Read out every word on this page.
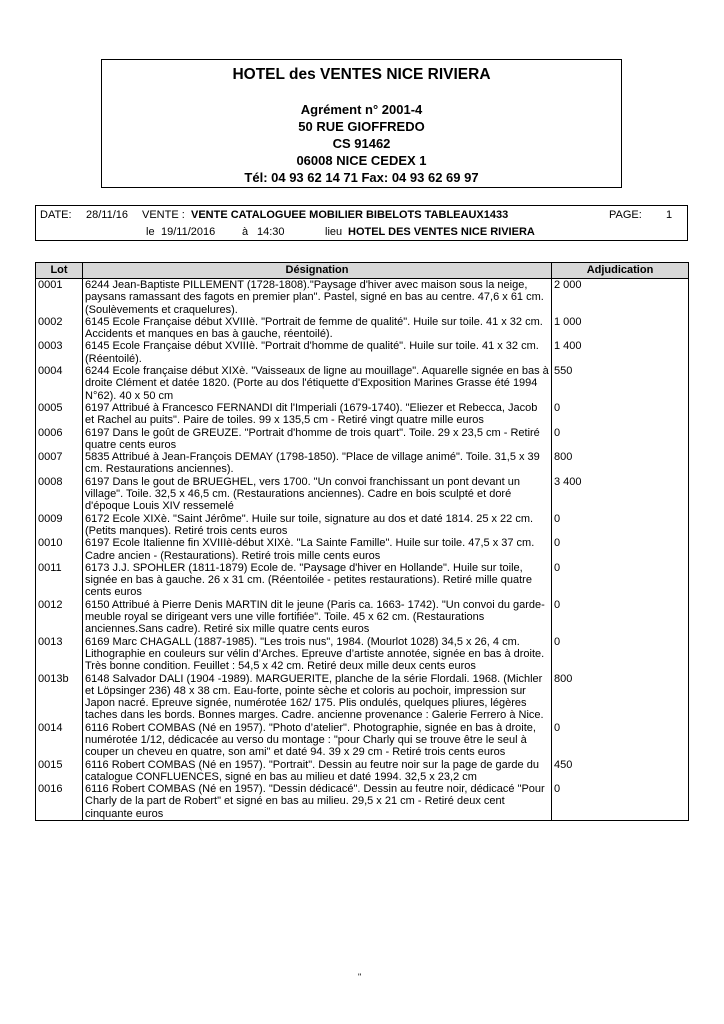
HOTEL des VENTES NICE RIVIERA
Agrément n° 2001-4
50 RUE GIOFFREDO
CS 91462
06008 NICE CEDEX 1
Tél: 04 93 62 14 71 Fax: 04 93 62 69 97
DATE: 28/11/16 VENTE : VENTE CATALOGUEE MOBILIER BIBELOTS TABLEAUX1433	PAGE: 1
le 19/11/2016 à 14:30	lieu HOTEL DES VENTES NICE RIVIERA
Lot	Désignation	Adjudication
0001	6244 Jean-Baptiste PILLEMENT (1728-1808)."Paysage d'hiver avec maison sous la neige, paysans ramassant des fagots en premier plan". Pastel, signé en bas au centre. 47,6 x 61 cm. (Soulèvements et craquelures).	2 000
0002	6145 Ecole Française début XVIIIè. "Portrait de femme de qualité". Huile sur toile. 41 x 32 cm. Accidents et manques en bas à gauche, réentoilé).	1 000
0003	6145 Ecole Française début XVIIIè. "Portrait d'homme de qualité". Huile sur toile. 41 x 32 cm. (Réentoilé).	1 400
0004	6244 Ecole française début XIXè. "Vaisseaux de ligne au mouillage". Aquarelle signée en bas à droite Clément et datée 1820. (Porte au dos l'étiquette d'Exposition Marines Grasse été 1994 N°62). 40 x 50 cm	550
0005	6197 Attribué à Francesco FERNANDI dit l'Imperiali (1679-1740). "Eliezer et Rebecca, Jacob et Rachel au puits". Paire de toiles. 99 x 135,5 cm - Retiré vingt quatre mille euros	0
0006	6197 Dans le goût de GREUZE. "Portrait d'homme de trois quart". Toile. 29 x 23,5 cm - Retiré quatre cents euros	0
0007	5835 Attribué à Jean-François DEMAY (1798-1850). "Place de village animé". Toile. 31,5 x 39 cm. Restaurations anciennes).	800
0008	6197 Dans le gout de BRUEGHEL, vers 1700. "Un convoi franchissant un pont devant un village". Toile. 32,5 x 46,5 cm. (Restaurations anciennes). Cadre en bois sculpté et doré d'époque Louis XIV ressemelé	3 400
0009	6172 Ecole XIXè. "Saint Jérôme". Huile sur toile, signature au dos et daté 1814. 25 x 22 cm. (Petits manques). Retiré trois cents euros	0
0010	6197 Ecole Italienne fin XVIIIè-début XIXè. "La Sainte Famille". Huile sur toile. 47,5 x 37 cm. Cadre ancien - (Restaurations). Retiré trois mille cents euros	0
0011	6173 J.J. SPOHLER (1811-1879) Ecole de. "Paysage d'hiver en Hollande". Huile sur toile, signée en bas à gauche. 26 x 31 cm. (Réentoilée - petites restaurations). Retiré mille quatre cents euros	0
0012	6150 Attribué à Pierre Denis MARTIN dit le jeune (Paris ca. 1663- 1742). "Un convoi du garde-meuble royal se dirigeant vers une ville fortifiée". Toile. 45 x 62 cm. (Restaurations anciennes.Sans cadre). Retiré six mille quatre cents euros	0
0013	6169 Marc CHAGALL (1887-1985). "Les trois nus", 1984. (Mourlot 1028) 34,5 x 26, 4 cm. Lithographie en couleurs sur vélin d’Arches. Epreuve d’artiste annotée, signée en bas à droite. Très bonne condition. Feuillet : 54,5 x 42 cm. Retiré deux mille deux cents euros	0
0013b	6148 Salvador DALI (1904 -1989). MARGUERITE, planche de la série Flordali. 1968. (Michler et Löpsinger 236) 48 x 38 cm. Eau-forte, pointe sèche et coloris au pochoir, impression sur Japon nacré. Epreuve signée, numérotée 162/ 175. Plis ondulés, quelques pliures, légères taches dans les bords. Bonnes marges. Cadre. ancienne provenance : Galerie Ferrero à Nice.	800
0014	6116 Robert COMBAS (Né en 1957). "Photo d’atelier". Photographie, signée en bas à droite, numérotée 1/12, dédicacée au verso du montage : "pour Charly qui se trouve être le seul à couper un cheveu en quatre, son ami" et daté 94. 39 x 29 cm - Retiré trois cents euros	0
0015	6116 Robert COMBAS (Né en 1957). "Portrait". Dessin au feutre noir sur la page de garde du catalogue CONFLUENCES, signé en bas au milieu et daté 1994. 32,5 x 23,2 cm	450
0016	6116 Robert COMBAS (Né en 1957). "Dessin dédicacé". Dessin au feutre noir, dédicacé "Pour Charly de la part de Robert" et signé en bas au milieu. 29,5 x 21 cm - Retiré deux cent cinquante euros	0
"
